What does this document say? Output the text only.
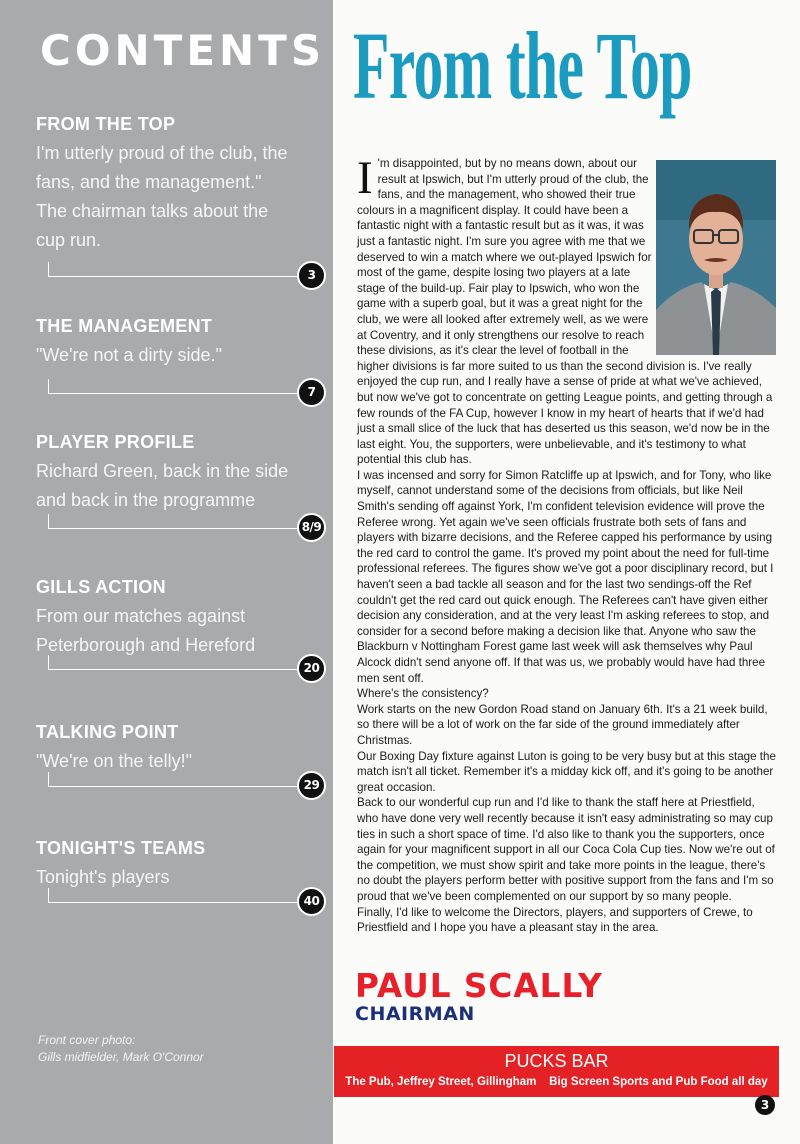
CONTENTS
FROM THE TOP
I'm utterly proud of the club, the
fans, and the management."
The chairman talks about the
cup run.
3
THE MANAGEMENT
"We're not a dirty side."
7
PLAYER PROFILE
Richard Green, back in the side
and back in the programme
8/9
GILLS ACTION
From our matches against
Peterborough and Hereford
20
TALKING POINT
"We're on the telly!"
29
TONIGHT'S TEAMS
Tonight's players
40
Front cover photo:
Gills midfielder, Mark O'Connor
From the Top
I 'm disappointed, but by no means down, about our result at Ipswich, but I'm utterly proud of the club, the fans, and the management, who showed their true colours in a magnificent display. It could have been a fantastic night with a fantastic result but as it was, it was just a fantastic night. I'm sure you agree with me that we deserved to win a match where we out-played Ipswich for most of the game, despite losing two players at a late stage of the build-up. Fair play to Ipswich, who won the game with a superb goal, but it was a great night for the club, we were all looked after extremely well, as we were at Coventry, and it only strengthens our resolve to reach these divisions, as it's clear the level of football in the higher divisions is far more suited to us than the second division is. I've really enjoyed the cup run, and I really have a sense of pride at what we've achieved, but now we've got to concentrate on getting League points, and getting through a few rounds of the FA Cup, however I know in my heart of hearts that if we'd had just a small slice of the luck that has deserted us this season, we'd now be in the last eight. You, the supporters, were unbelievable, and it's testimony to what potential this club has.

I was incensed and sorry for Simon Ratcliffe up at Ipswich, and for Tony, who like myself, cannot understand some of the decisions from officials, but like Neil Smith's sending off against York, I'm confident television evidence will prove the Referee wrong. Yet again we've seen officials frustrate both sets of fans and players with bizarre decisions, and the Referee capped his performance by using the red card to control the game. It's proved my point about the need for full-time professional referees. The figures show we've got a poor disciplinary record, but I haven't seen a bad tackle all season and for the last two sendings-off the Ref couldn't get the red card out quick enough. The Referees can't have given either decision any consideration, and at the very least I'm asking referees to stop, and consider for a second before making a decision like that. Anyone who saw the Blackburn v Nottingham Forest game last week will ask themselves why Paul Alcock didn't send anyone off. If that was us, we probably would have had three men sent off.

Where's the consistency?

Work starts on the new Gordon Road stand on January 6th. It's a 21 week build, so there will be a lot of work on the far side of the ground immediately after Christmas.

Our Boxing Day fixture against Luton is going to be very busy but at this stage the match isn't all ticket. Remember it's a midday kick off, and it's going to be another great occasion.

Back to our wonderful cup run and I'd like to thank the staff here at Priestfield, who have done very well recently because it isn't easy administrating so may cup ties in such a short space of time. I'd also like to thank you the supporters, once again for your magnificent support in all our Coca Cola Cup ties. Now we're out of the competition, we must show spirit and take more points in the league, there's no doubt the players perform better with positive support from the fans and I'm so proud that we've been complemented on our support by so many people.

Finally, I'd like to welcome the Directors, players, and supporters of Crewe, to Priestfield and I hope you have a pleasant stay in the area.

PAUL SCALLY
CHAIRMAN
PUCKS BAR
The Pub, Jeffrey Street, Gillingham    Big Screen Sports and Pub Food all day
3
